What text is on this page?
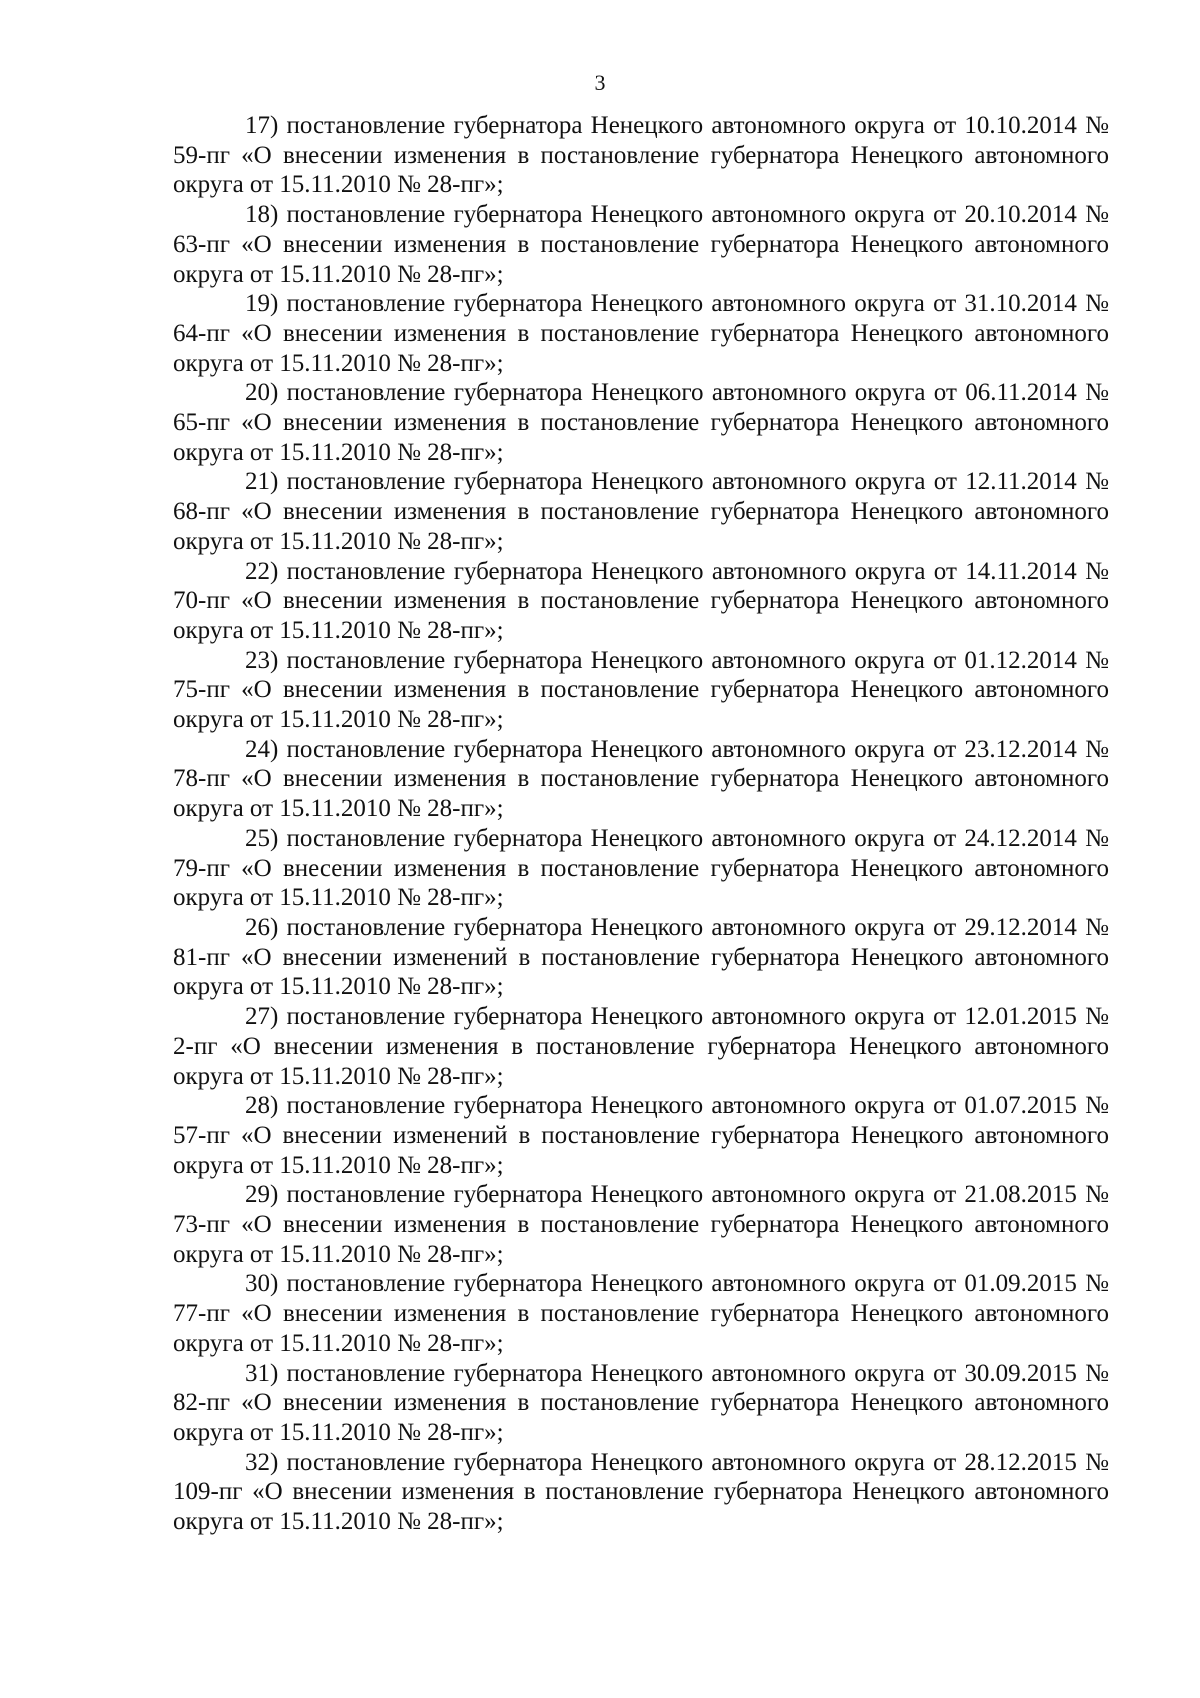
3

17) постановление губернатора Ненецкого автономного округа от 10.10.2014 № 59-пг «О внесении изменения в постановление губернатора Ненецкого автономного округа от 15.11.2010 № 28-пг»;

18) постановление губернатора Ненецкого автономного округа от 20.10.2014 № 63-пг «О внесении изменения в постановление губернатора Ненецкого автономного округа от 15.11.2010 № 28-пг»;

19) постановление губернатора Ненецкого автономного округа от 31.10.2014 № 64-пг «О внесении изменения в постановление губернатора Ненецкого автономного округа от 15.11.2010 № 28-пг»;

20) постановление губернатора Ненецкого автономного округа от 06.11.2014 № 65-пг «О внесении изменения в постановление губернатора Ненецкого автономного округа от 15.11.2010 № 28-пг»;

21) постановление губернатора Ненецкого автономного округа от 12.11.2014 № 68-пг «О внесении изменения в постановление губернатора Ненецкого автономного округа от 15.11.2010 № 28-пг»;

22) постановление губернатора Ненецкого автономного округа от 14.11.2014 № 70-пг «О внесении изменения в постановление губернатора Ненецкого автономного округа от 15.11.2010 № 28-пг»;

23) постановление губернатора Ненецкого автономного округа от 01.12.2014 № 75-пг «О внесении изменения в постановление губернатора Ненецкого автономного округа от 15.11.2010 № 28-пг»;

24) постановление губернатора Ненецкого автономного округа от 23.12.2014 № 78-пг «О внесении изменения в постановление губернатора Ненецкого автономного округа от 15.11.2010 № 28-пг»;

25) постановление губернатора Ненецкого автономного округа от 24.12.2014 № 79-пг «О внесении изменения в постановление губернатора Ненецкого автономного округа от 15.11.2010 № 28-пг»;

26) постановление губернатора Ненецкого автономного округа от 29.12.2014 № 81-пг «О внесении изменений в постановление губернатора Ненецкого автономного округа от 15.11.2010 № 28-пг»;

27) постановление губернатора Ненецкого автономного округа от 12.01.2015 № 2-пг «О внесении изменения в постановление губернатора Ненецкого автономного округа от 15.11.2010 № 28-пг»;

28) постановление губернатора Ненецкого автономного округа от 01.07.2015 № 57-пг «О внесении изменений в постановление губернатора Ненецкого автономного округа от 15.11.2010 № 28-пг»;

29) постановление губернатора Ненецкого автономного округа от 21.08.2015 № 73-пг «О внесении изменения в постановление губернатора Ненецкого автономного округа от 15.11.2010 № 28-пг»;

30) постановление губернатора Ненецкого автономного округа от 01.09.2015 № 77-пг «О внесении изменения в постановление губернатора Ненецкого автономного округа от 15.11.2010 № 28-пг»;

31) постановление губернатора Ненецкого автономного округа от 30.09.2015 № 82-пг «О внесении изменения в постановление губернатора Ненецкого автономного округа от 15.11.2010 № 28-пг»;

32) постановление губернатора Ненецкого автономного округа от 28.12.2015 № 109-пг «О внесении изменения в постановление губернатора Ненецкого автономного округа от 15.11.2010 № 28-пг»;
